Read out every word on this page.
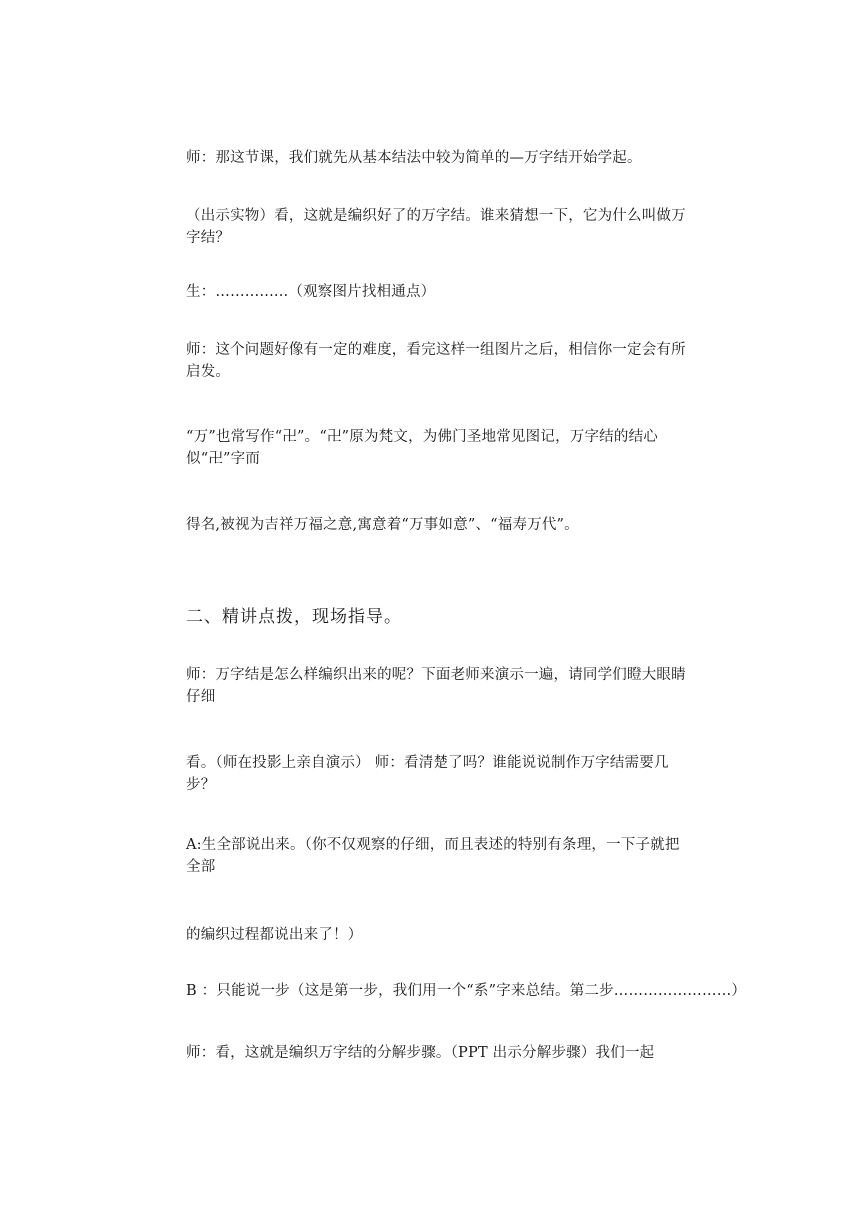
师：那这节课，我们就先从基本结法中较为简单的—万字结开始学起。

（出示实物）看，这就是编织好了的万字结。谁来猜想一下，它为什么叫做万字结？

生：………......（观察图片找相通点）

师：这个问题好像有一定的难度，看完这样一组图片之后，相信你一定会有所启发。

“万”也常写作“卍”。“卍”原为梵文，为佛门圣地常见图记，万字结的结心似“卍”字而

得名,被视为吉祥万福之意,寓意着“万事如意”、“福寿万代”。

二、精讲点拨，现场指导。

师：万字结是怎么样编织出来的呢？下面老师来演示一遍，请同学们瞪大眼睛仔细

看。（师在投影上亲自演示） 师：看清楚了吗？谁能说说制作万字结需要几步？

A:生全部说出来。（你不仅观察的仔细，而且表述的特别有条理，一下子就把全部

的编织过程都说出来了！）

B ：只能说一步（这是第一步，我们用一个“系”字来总结。第二步……………………）

师：看，这就是编织万字结的分解步骤。（PPT 出示分解步骤）我们一起
